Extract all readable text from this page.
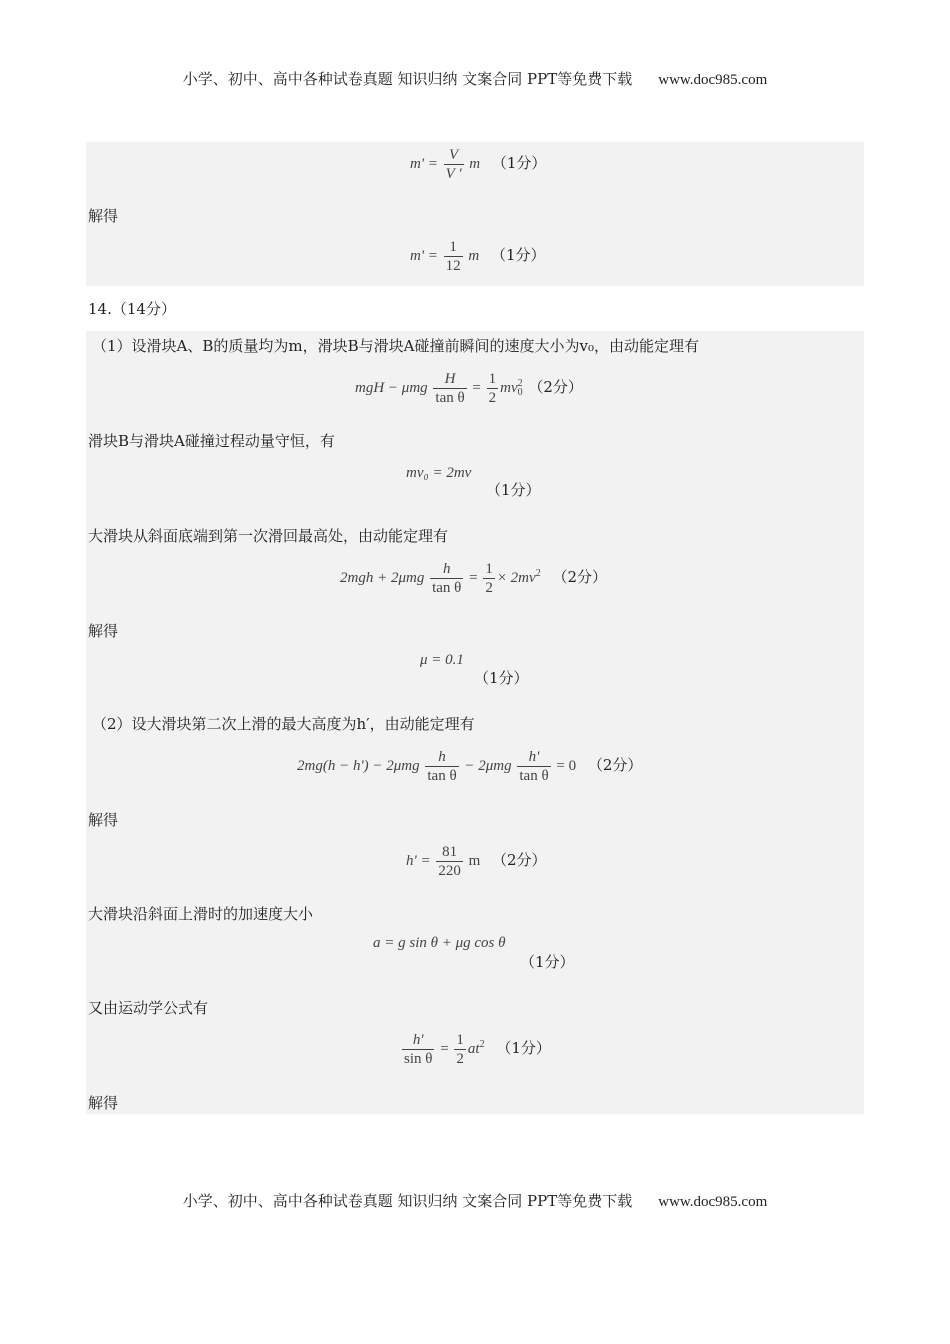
小学、初中、高中各种试卷真题 知识归纳 文案合同 PPT等免费下载 www.doc985.com
$m' = \frac{V}{V '}$ m （1分）
解得
$m' = \frac{1}{12}$ m （1分）
14.（14分）
（1）设滑块A、B的质量均为m，滑块B与滑块A碰撞前瞬间的速度大小为v₀，由动能定理有
mgH − μmg $\frac{H}{\text{tan θ}} = \frac{1}{2} mv_0^2$ （2分）
滑块B与滑块A碰撞过程动量守恒，有
mv₀ = 2mv
（1分）
大滑块从斜面底端到第一次滑回最高处，由动能定理有
$2mgh + 2\mu mg \frac{h}{\text{tan θ}} = \frac{1}{2} \times 2mv^2$ （2分）
解得
μ = 0.1
（1分）
（2）设大滑块第二次上滑的最大高度为h′，由动能定理有
$2mg(h - h') - 2\mu mg \frac{h}{\text{tan θ}} - 2\mu mg \frac{h'}{\text{tan θ}} = 0$ （2分）
解得
$h' = \frac{81}{220}$ m （2分）
大滑块沿斜面上滑时的加速度大小
a = g sin θ + μg cos θ
（1分）
又由运动学公式有
$\frac{h'}{\text{sin θ}} = \frac{1}{2} at^2$ （1分）
解得
小学、初中、高中各种试卷真题 知识归纳 文案合同 PPT等免费下载 www.doc985.com
